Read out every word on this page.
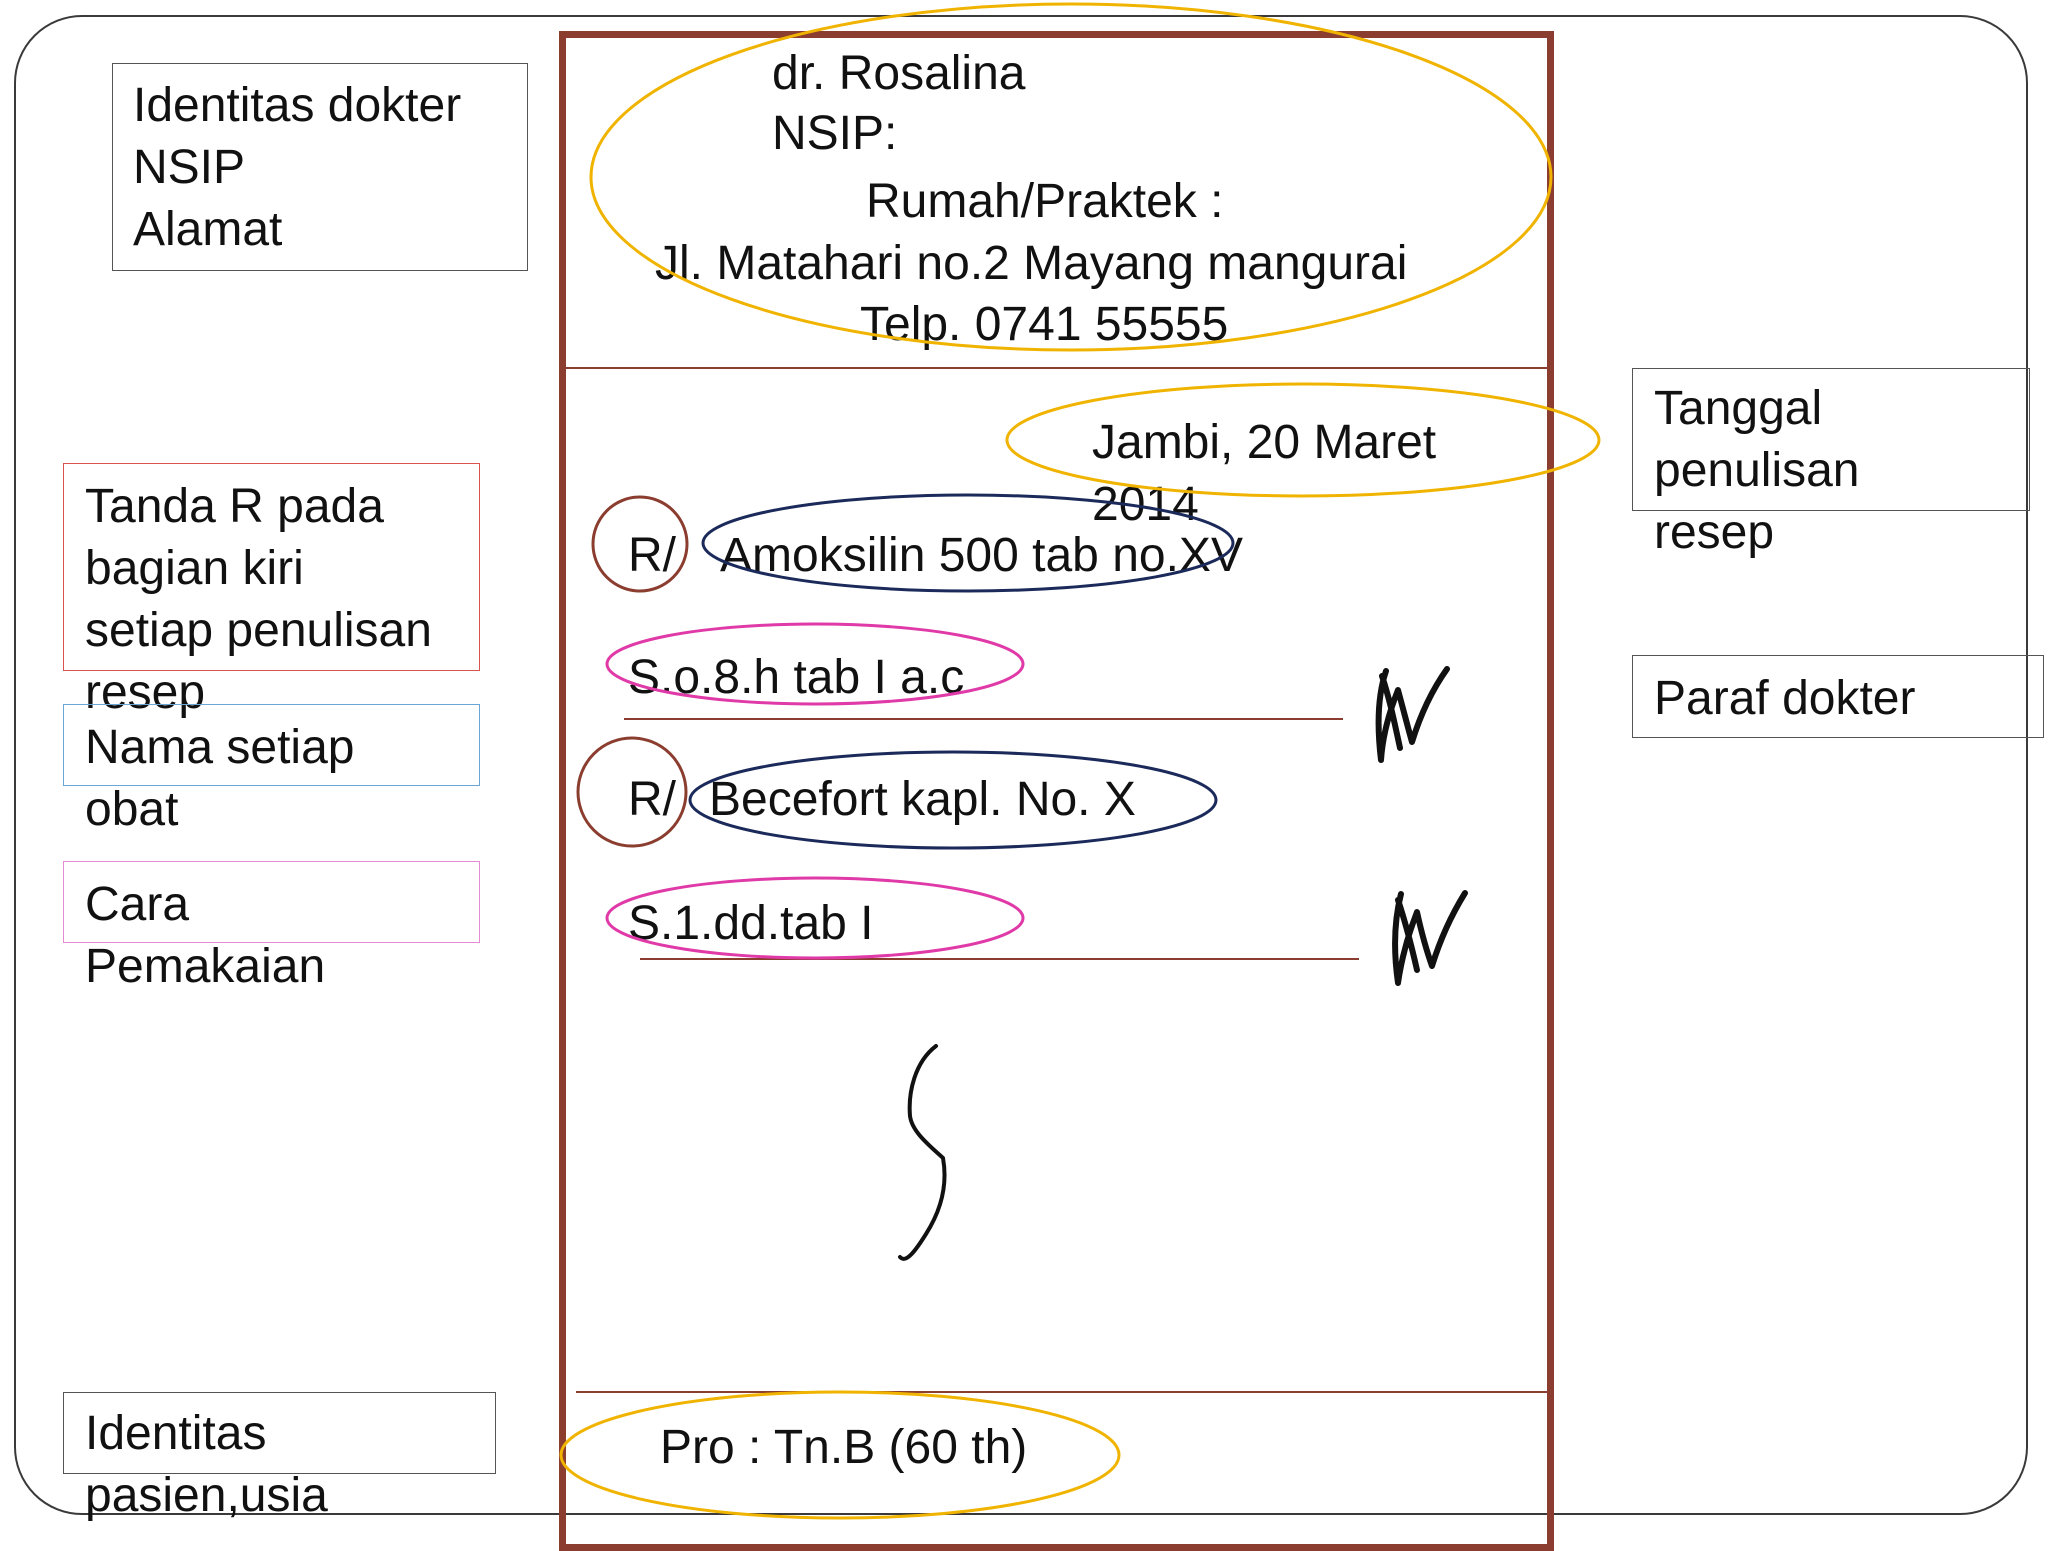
Identitas dokter
NSIP
Alamat
Tanda R pada
bagian kiri
setiap penulisan
resep
Nama setiap
obat
Cara
Pemakaian
Identitas
pasien,usia
Tanggal
penulisan
resep
Paraf dokter
dr. Rosalina
NSIP:
Rumah/Praktek :
Jl. Matahari no.2 Mayang mangurai
Telp. 0741 55555
Jambi, 20 Maret
2014
R/ Amoksilin 500 tab no.XV
S.o.8.h tab I a.c
R/ Becefort kapl. No. X
S.1.dd.tab I
Pro : Tn.B (60 th)
